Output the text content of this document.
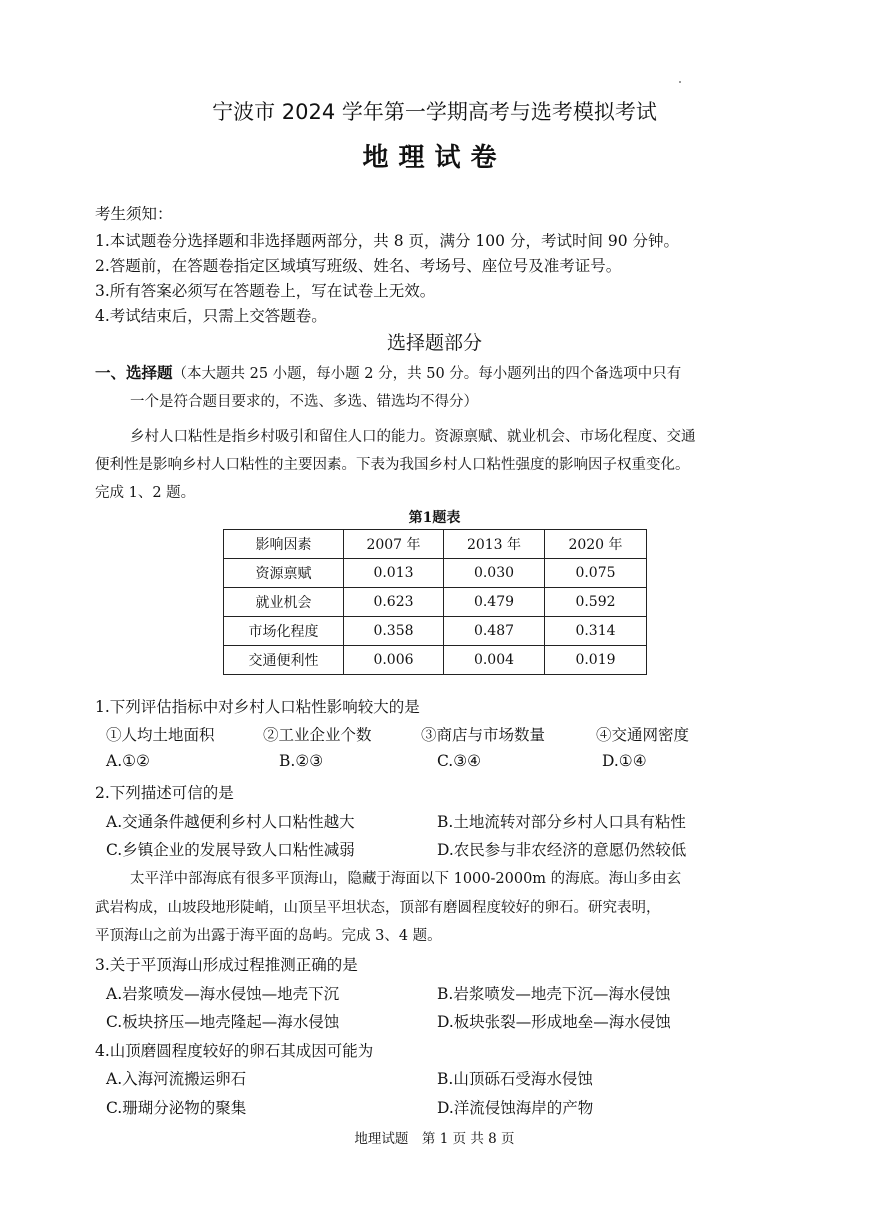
宁波市 2024 学年第一学期高考与选考模拟考试
地理试卷
考生须知：
1.本试题卷分选择题和非选择题两部分，共 8 页，满分 100 分，考试时间 90 分钟。
2.答题前，在答题卷指定区域填写班级、姓名、考场号、座位号及准考证号。
3.所有答案必须写在答题卷上，写在试卷上无效。
4.考试结束后，只需上交答题卷。
选择题部分
一、选择题（本大题共 25 小题，每小题 2 分，共 50 分。每小题列出的四个备选项中只有
一个是符合题目要求的，不选、多选、错选均不得分）
乡村人口粘性是指乡村吸引和留住人口的能力。资源禀赋、就业机会、市场化程度、交通
便利性是影响乡村人口粘性的主要因素。下表为我国乡村人口粘性强度的影响因子权重变化。
完成 1、2 题。
第1题表
影响因素	2007 年	2013 年	2020 年
资源禀赋	0.013	0.030	0.075
就业机会	0.623	0.479	0.592
市场化程度	0.358	0.487	0.314
交通便利性	0.006	0.004	0.019
1.下列评估指标中对乡村人口粘性影响较大的是
①人均土地面积	②工业企业个数	③商店与市场数量	④交通网密度
A.①②	B.②③	C.③④	D.①④
2.下列描述可信的是
A.交通条件越便利乡村人口粘性越大	B.土地流转对部分乡村人口具有粘性
C.乡镇企业的发展导致人口粘性减弱	D.农民参与非农经济的意愿仍然较低
太平洋中部海底有很多平顶海山，隐藏于海面以下 1000-2000m 的海底。海山多由玄
武岩构成，山坡段地形陡峭，山顶呈平坦状态，顶部有磨圆程度较好的卵石。研究表明，
平顶海山之前为出露于海平面的岛屿。完成 3、4 题。
3.关于平顶海山形成过程推测正确的是
A.岩浆喷发—海水侵蚀—地壳下沉	B.岩浆喷发—地壳下沉—海水侵蚀
C.板块挤压—地壳隆起—海水侵蚀	D.板块张裂—形成地垒—海水侵蚀
4.山顶磨圆程度较好的卵石其成因可能为
A.入海河流搬运卵石	B.山顶砾石受海水侵蚀
C.珊瑚分泌物的聚集	D.洋流侵蚀海岸的产物
地理试题　第 1 页 共 8 页
